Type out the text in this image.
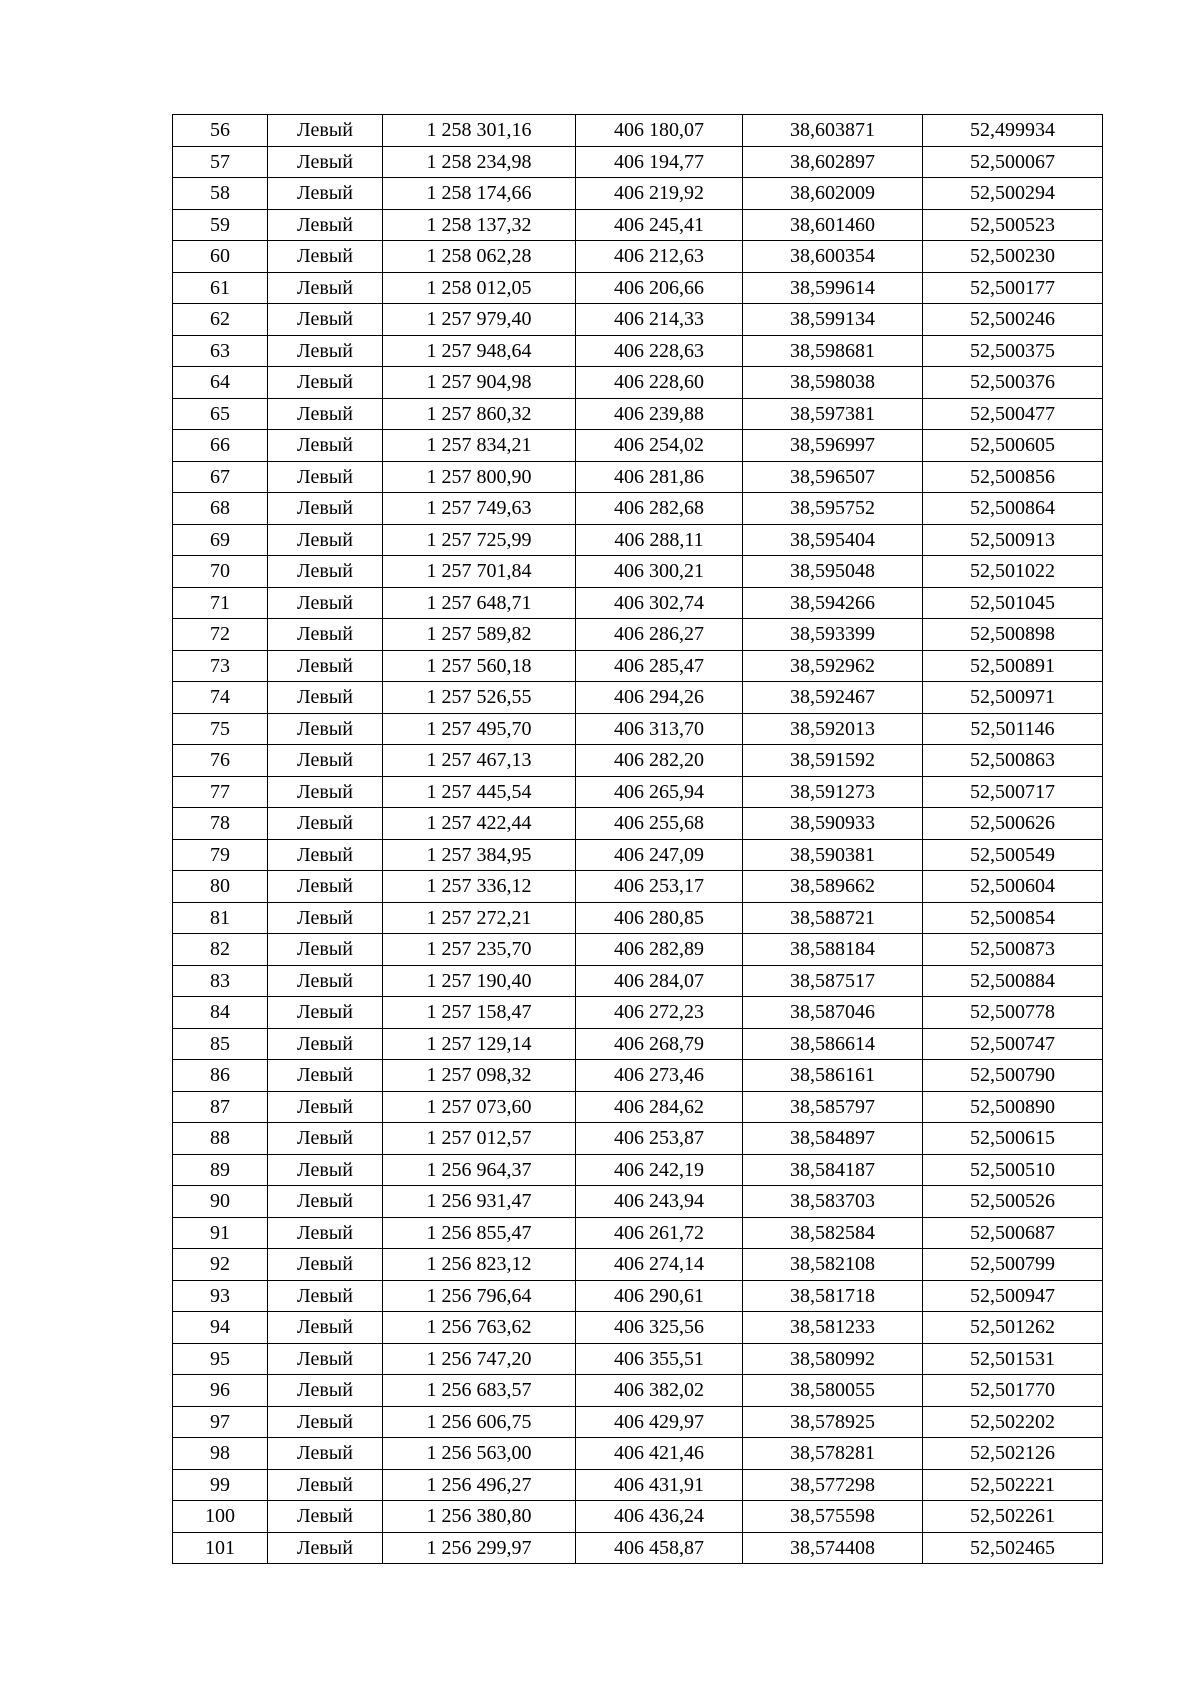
56	Левый	1 258 301,16	406 180,07	38,603871	52,499934
57	Левый	1 258 234,98	406 194,77	38,602897	52,500067
58	Левый	1 258 174,66	406 219,92	38,602009	52,500294
59	Левый	1 258 137,32	406 245,41	38,601460	52,500523
60	Левый	1 258 062,28	406 212,63	38,600354	52,500230
61	Левый	1 258 012,05	406 206,66	38,599614	52,500177
62	Левый	1 257 979,40	406 214,33	38,599134	52,500246
63	Левый	1 257 948,64	406 228,63	38,598681	52,500375
64	Левый	1 257 904,98	406 228,60	38,598038	52,500376
65	Левый	1 257 860,32	406 239,88	38,597381	52,500477
66	Левый	1 257 834,21	406 254,02	38,596997	52,500605
67	Левый	1 257 800,90	406 281,86	38,596507	52,500856
68	Левый	1 257 749,63	406 282,68	38,595752	52,500864
69	Левый	1 257 725,99	406 288,11	38,595404	52,500913
70	Левый	1 257 701,84	406 300,21	38,595048	52,501022
71	Левый	1 257 648,71	406 302,74	38,594266	52,501045
72	Левый	1 257 589,82	406 286,27	38,593399	52,500898
73	Левый	1 257 560,18	406 285,47	38,592962	52,500891
74	Левый	1 257 526,55	406 294,26	38,592467	52,500971
75	Левый	1 257 495,70	406 313,70	38,592013	52,501146
76	Левый	1 257 467,13	406 282,20	38,591592	52,500863
77	Левый	1 257 445,54	406 265,94	38,591273	52,500717
78	Левый	1 257 422,44	406 255,68	38,590933	52,500626
79	Левый	1 257 384,95	406 247,09	38,590381	52,500549
80	Левый	1 257 336,12	406 253,17	38,589662	52,500604
81	Левый	1 257 272,21	406 280,85	38,588721	52,500854
82	Левый	1 257 235,70	406 282,89	38,588184	52,500873
83	Левый	1 257 190,40	406 284,07	38,587517	52,500884
84	Левый	1 257 158,47	406 272,23	38,587046	52,500778
85	Левый	1 257 129,14	406 268,79	38,586614	52,500747
86	Левый	1 257 098,32	406 273,46	38,586161	52,500790
87	Левый	1 257 073,60	406 284,62	38,585797	52,500890
88	Левый	1 257 012,57	406 253,87	38,584897	52,500615
89	Левый	1 256 964,37	406 242,19	38,584187	52,500510
90	Левый	1 256 931,47	406 243,94	38,583703	52,500526
91	Левый	1 256 855,47	406 261,72	38,582584	52,500687
92	Левый	1 256 823,12	406 274,14	38,582108	52,500799
93	Левый	1 256 796,64	406 290,61	38,581718	52,500947
94	Левый	1 256 763,62	406 325,56	38,581233	52,501262
95	Левый	1 256 747,20	406 355,51	38,580992	52,501531
96	Левый	1 256 683,57	406 382,02	38,580055	52,501770
97	Левый	1 256 606,75	406 429,97	38,578925	52,502202
98	Левый	1 256 563,00	406 421,46	38,578281	52,502126
99	Левый	1 256 496,27	406 431,91	38,577298	52,502221
100	Левый	1 256 380,80	406 436,24	38,575598	52,502261
101	Левый	1 256 299,97	406 458,87	38,574408	52,502465
